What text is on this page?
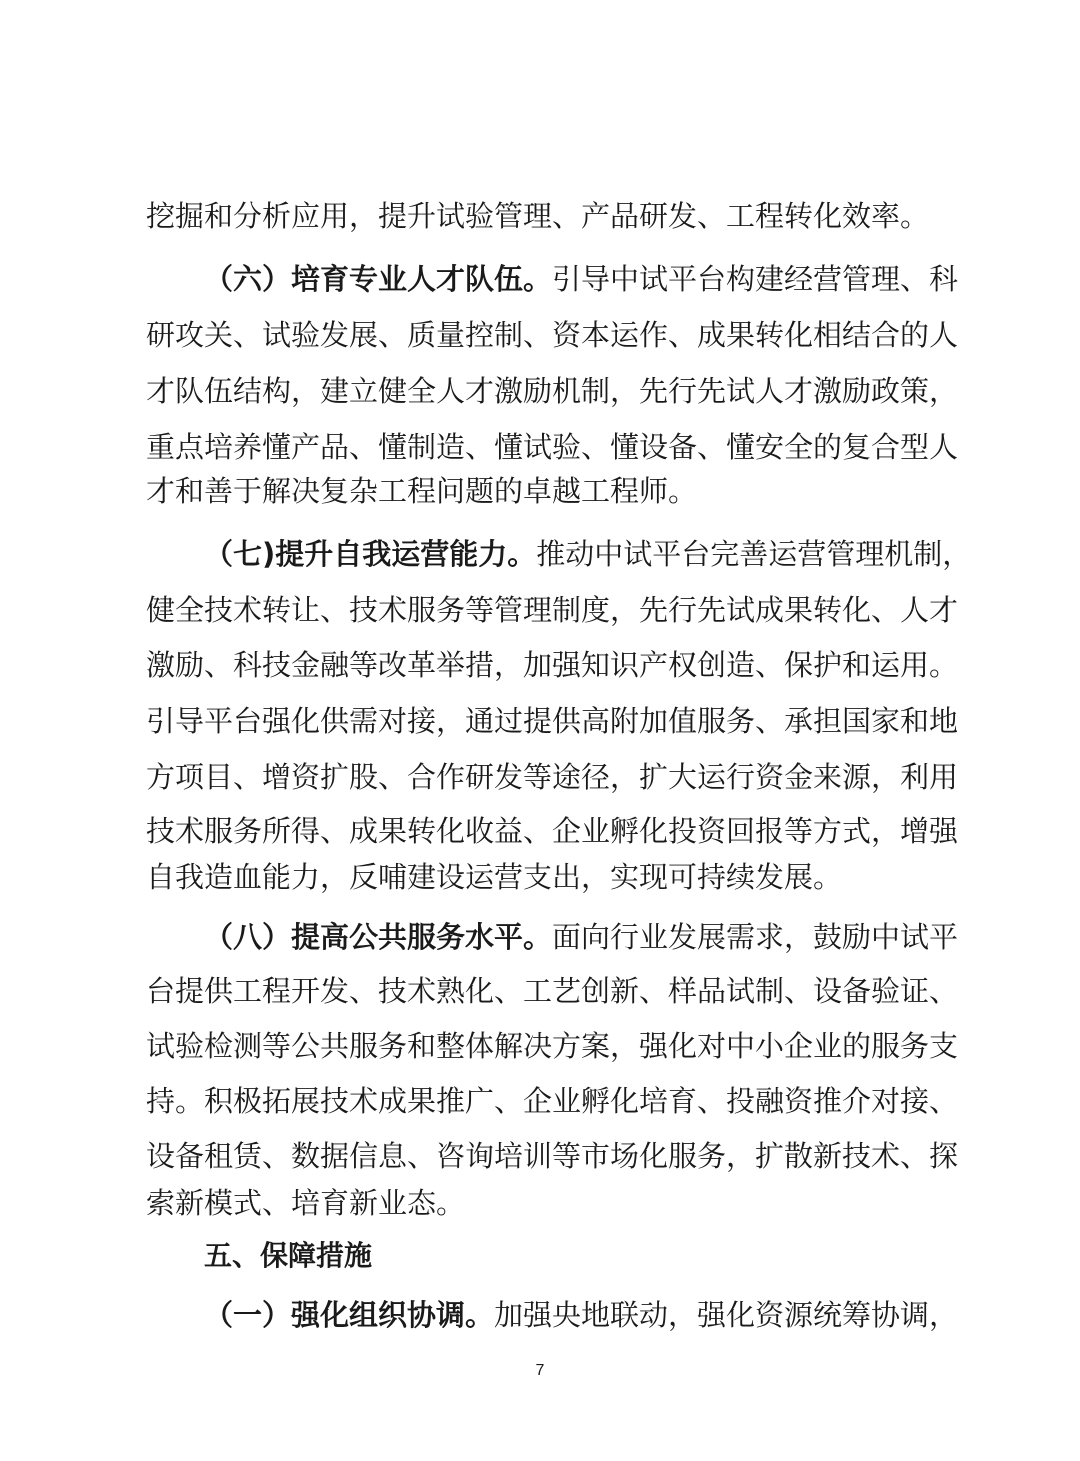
挖掘和分析应用，提升试验管理、产品研发、工程转化效率。
（六）培育专业人才队伍。引导中试平台构建经营管理、科
研攻关、试验发展、质量控制、资本运作、成果转化相结合的人
才队伍结构，建立健全人才激励机制，先行先试人才激励政策，
重点培养懂产品、懂制造、懂试验、懂设备、懂安全的复合型人
才和善于解决复杂工程问题的卓越工程师。
（七)提升自我运营能力。推动中试平台完善运营管理机制，
健全技术转让、技术服务等管理制度，先行先试成果转化、人才
激励、科技金融等改革举措，加强知识产权创造、保护和运用。
引导平台强化供需对接，通过提供高附加值服务、承担国家和地
方项目、增资扩股、合作研发等途径，扩大运行资金来源，利用
技术服务所得、成果转化收益、企业孵化投资回报等方式，增强
自我造血能力，反哺建设运营支出，实现可持续发展。
（八）提高公共服务水平。面向行业发展需求，鼓励中试平
台提供工程开发、技术熟化、工艺创新、样品试制、设备验证、
试验检测等公共服务和整体解决方案，强化对中小企业的服务支
持。积极拓展技术成果推广、企业孵化培育、投融资推介对接、
设备租赁、数据信息、咨询培训等市场化服务，扩散新技术、探
索新模式、培育新业态。
五、保障措施
（一）强化组织协调。加强央地联动，强化资源统筹协调，
7
